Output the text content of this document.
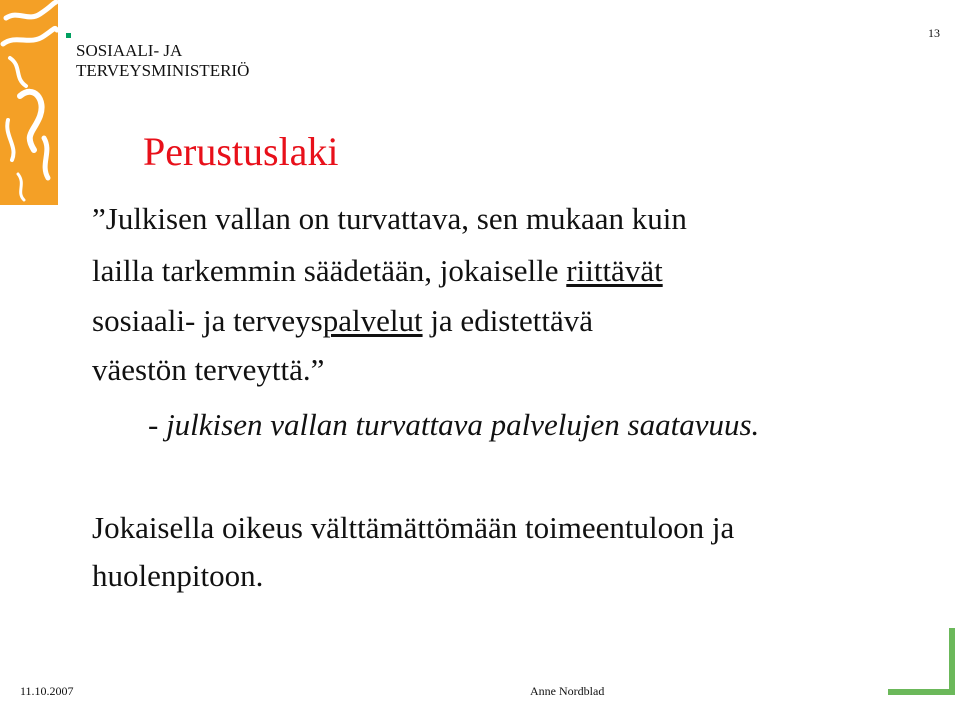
SOSIAALI- JA
TERVEYSMINISTERIÖ
13
Perustuslaki
”Julkisen vallan on turvattava, sen mukaan kuin
lailla tarkemmin säädetään, jokaiselle riittävät
sosiaali- ja terveyspalvelut ja edistettävä
väestön terveyttä.”
- julkisen vallan turvattava palvelujen saatavuus.
Jokaisella oikeus välttämättömään toimeentuloon ja
huolenpitoon.
11.10.2007	Anne Nordblad
